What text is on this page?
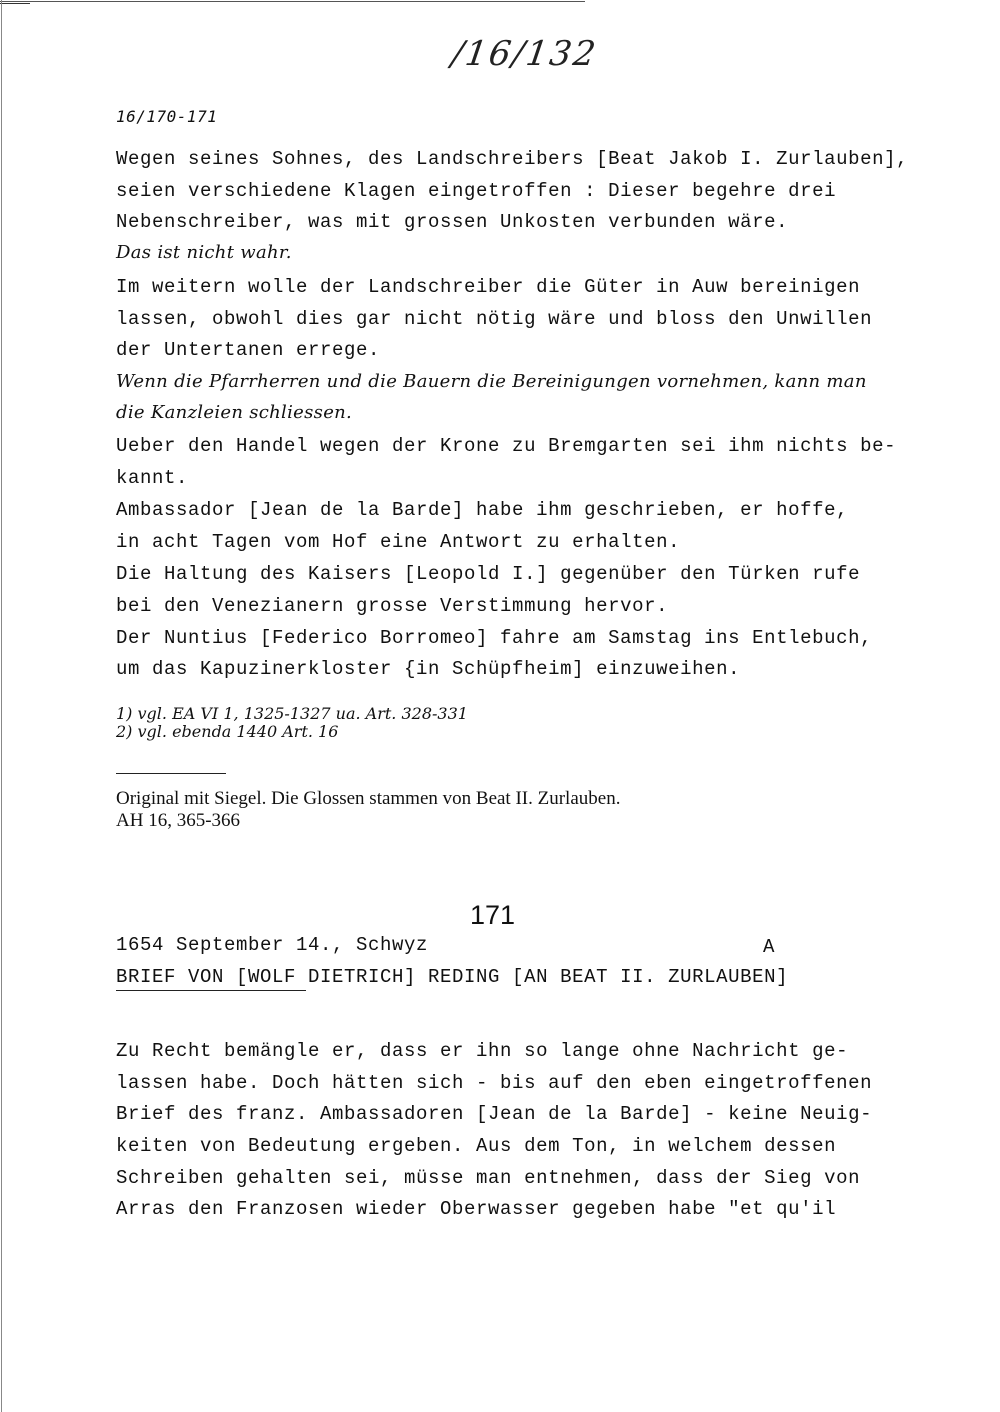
/16/132
16/170-171
Wegen seines Sohnes, des Landschreibers [Beat Jakob I. Zurlauben],
seien verschiedene Klagen eingetroffen : Dieser begehre drei
Nebenschreiber, was mit grossen Unkosten verbunden wäre.
Das ist nicht wahr.
Im weitern wolle der Landschreiber die Güter in Auw bereinigen
lassen, obwohl dies gar nicht nötig wäre und bloss den Unwillen
der Untertanen errege.
Wenn die Pfarrherren und die Bauern die Bereinigungen vornehmen, kann man
die Kanzleien schliessen.
Ueber den Handel wegen der Krone zu Bremgarten sei ihm nichts be-
kannt.
Ambassador [Jean de la Barde] habe ihm geschrieben, er hoffe,
in acht Tagen vom Hof eine Antwort zu erhalten.
Die Haltung des Kaisers [Leopold I.] gegenüber den Türken rufe
bei den Venezianern grosse Verstimmung hervor.
Der Nuntius [Federico Borromeo] fahre am Samstag ins Entlebuch,
um das Kapuzinerkloster {in Schüpfheim] einzuweihen.
1) vgl. EA VI 1, 1325-1327 ua. Art. 328-331
2) vgl. ebenda 1440 Art. 16
Original mit Siegel. Die Glossen stammen von Beat II. Zurlauben.
AH 16, 365-366
171
1654 September 14., Schwyz	A
BRIEF VON [WOLF DIETRICH] REDING [AN BEAT II. ZURLAUBEN]
Zu Recht bemängle er, dass er ihn so lange ohne Nachricht ge-
lassen habe. Doch hätten sich - bis auf den eben eingetroffenen
Brief des franz. Ambassadoren [Jean de la Barde] - keine Neuig-
keiten von Bedeutung ergeben. Aus dem Ton, in welchem dessen
Schreiben gehalten sei, müsse man entnehmen, dass der Sieg von
Arras den Franzosen wieder Oberwasser gegeben habe "et qu'il
